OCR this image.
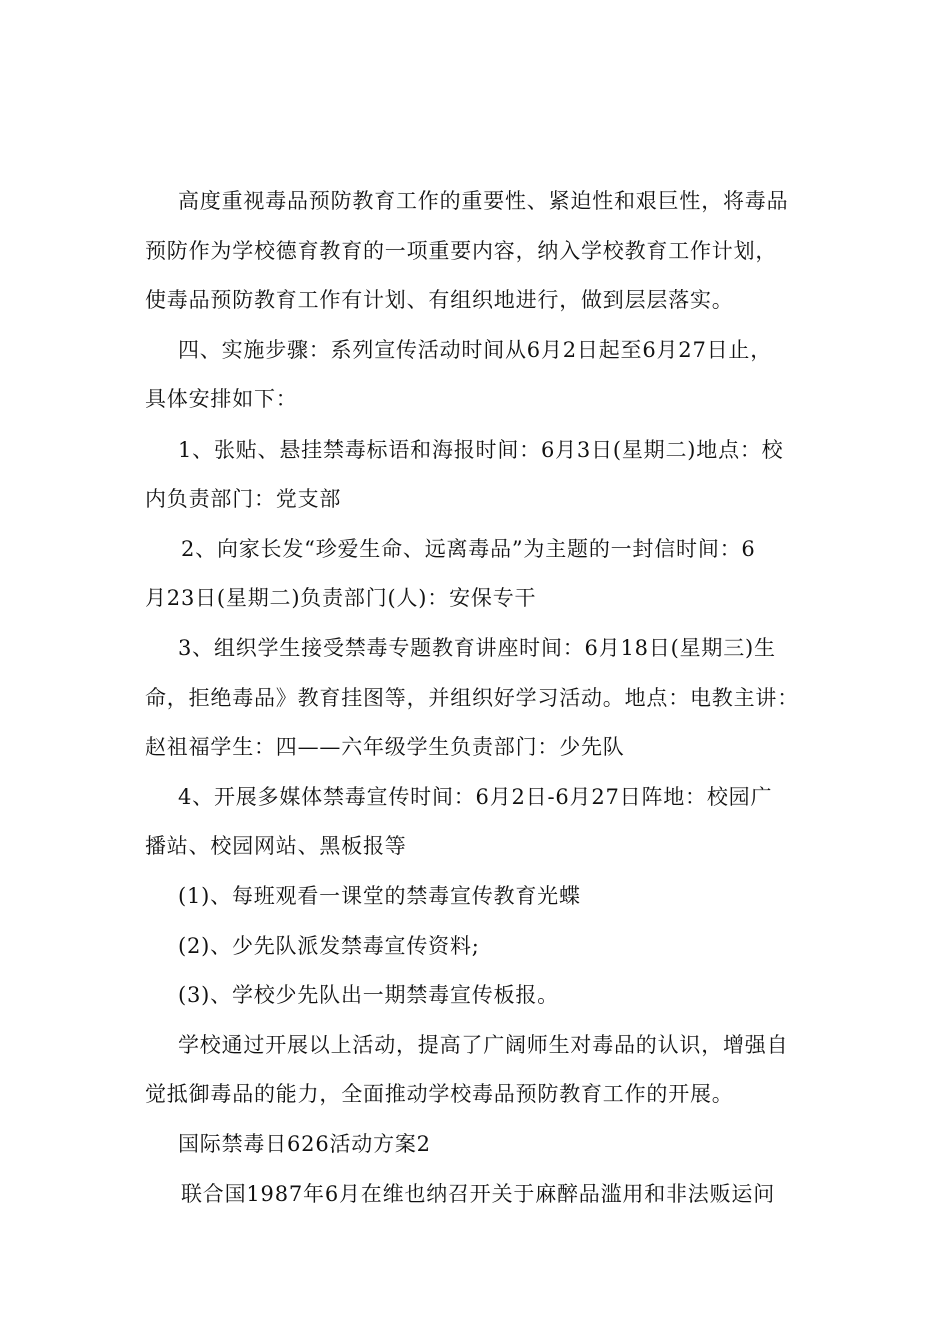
高度重视毒品预防教育工作的重要性、紧迫性和艰巨性，将毒品
预防作为学校德育教育的一项重要内容，纳入学校教育工作计划，
使毒品预防教育工作有计划、有组织地进行，做到层层落实。
四、实施步骤：系列宣传活动时间从6月2日起至6月27日止，
具体安排如下：
1、张贴、悬挂禁毒标语和海报时间：6月3日(星期二)地点：校
内负责部门：党支部
2、向家长发“珍爱生命、远离毒品”为主题的一封信时间：6
月23日(星期二)负责部门(人)：安保专干
3、组织学生接受禁毒专题教育讲座时间：6月18日(星期三)生
命，拒绝毒品》教育挂图等，并组织好学习活动。地点：电教主讲：
赵祖福学生：四——六年级学生负责部门：少先队
4、开展多媒体禁毒宣传时间：6月2日-6月27日阵地：校园广
播站、校园网站、黑板报等
(1)、每班观看一课堂的禁毒宣传教育光蝶
(2)、少先队派发禁毒宣传资料;
(3)、学校少先队出一期禁毒宣传板报。
学校通过开展以上活动，提高了广阔师生对毒品的认识，增强自
觉抵御毒品的能力，全面推动学校毒品预防教育工作的开展。
国际禁毒日626活动方案2
联合国1987年6月在维也纳召开关于麻醉品滥用和非法贩运问
